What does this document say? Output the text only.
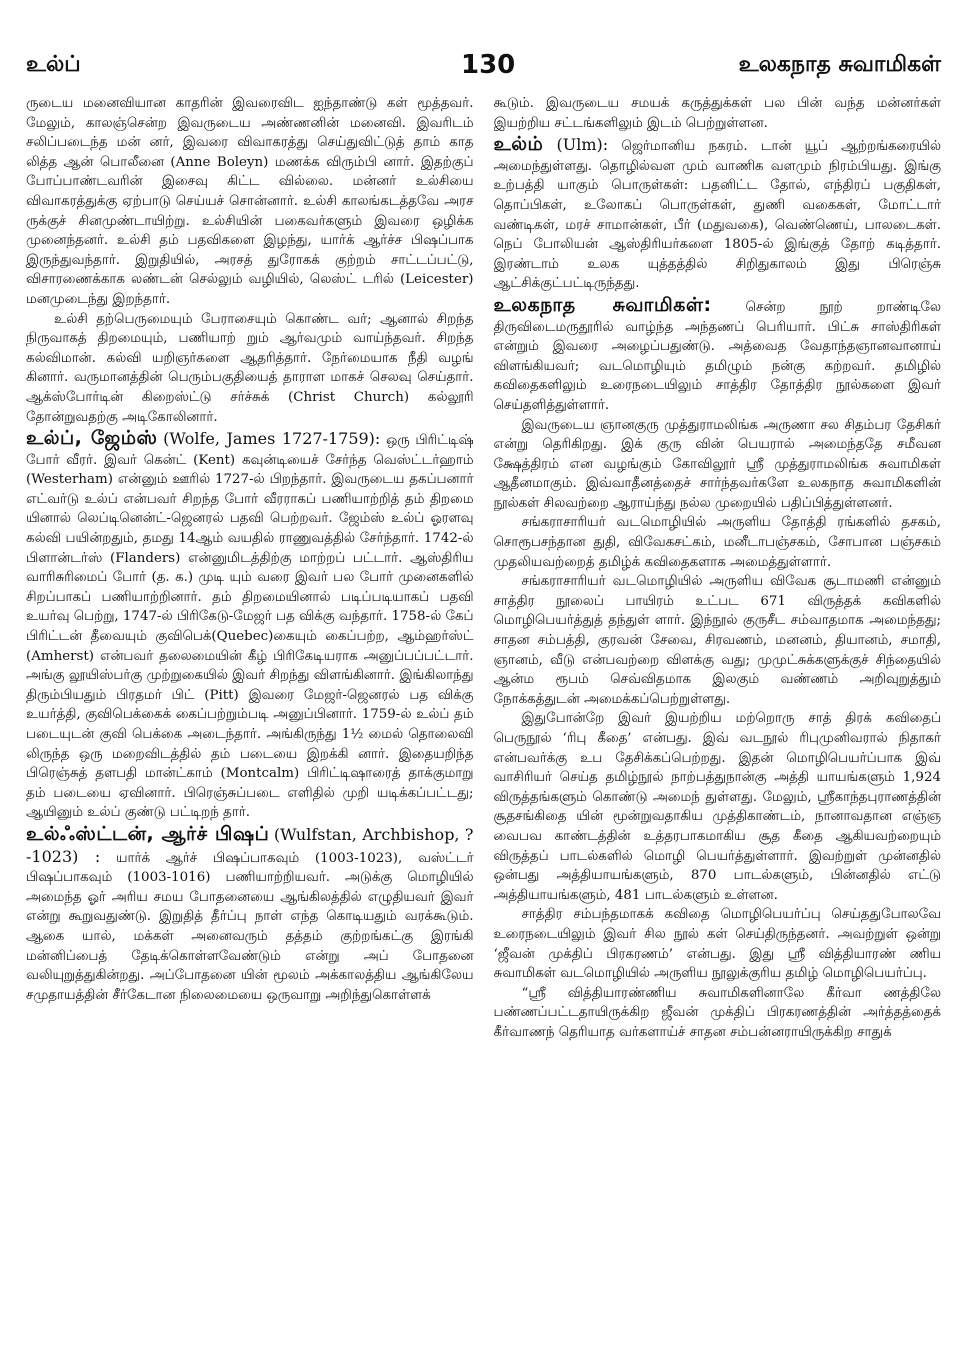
உல்ப்	130	உலகநாத சுவாமிகள்

ருடைய மனைவியான காதரின் இவரைவிட ஐந்தாண்டு கள் மூத்தவர். மேலும், காலஞ்சென்ற இவருடைய அண்ணனின் மனைவி. இவரிடம் சலிப்படைந்த மன் னர், இவரை விவாகரத்து செய்துவிட்டுத் தாம் காத லித்த ஆன் பொலீனை (Anne Boleyn) மணக்க விரும்பி னார். இதற்குப் போப்பாண்டவரின் இசைவு கிட்ட வில்லை. மன்னர் உல்சியை விவாகரத்துக்கு ஏற்பாடு செய்யச் சொன்னார். உல்சி காலங்கடத்தவே அரச ருக்குச் சினமுண்டாயிற்று. உல்சியின் பகைவர்களும் இவரை ஒழிக்க முனைந்தனர். உல்சி தம் பதவிகளை இழந்து, யார்க் ஆர்ச்ச பிஷப்பாக இருந்துவந்தார். இறுதியில், அரசத் துரோகக் குற்றம் சாட்டப்பட்டு, விசாரணைக்காக லண்டன் செல்லும் வழியில், லெஸ்ட் டரில் (Leicester) மனமுடைந்து இறந்தார்.

உல்சி தற்பெருமையும் பேராசையும் கொண்ட வர்; ஆனால் சிறந்த நிருவாகத் திறமையும், பணியாற் றும் ஆர்வமும் வாய்ந்தவர். சிறந்த கல்விமான். கல்வி யறிஞர்களை ஆதரித்தார். நேர்மையாக நீதி வழங் கினார். வருமானத்தின் பெரும்பகுதியைத் தாராள மாகச் செலவு செய்தார். ஆக்ஸ்போர்டின் கிறைஸ்ட்டு சர்ச்சுக் (Christ Church) கல்லூரி தோன்றுவதற்கு அடிகோலினார்.

உல்ப், ஜேம்ஸ் (Wolfe, James 1727-1759): ஒரு பிரிட்டிஷ் போர் வீரர். இவர் கென்ட் (Kent) கவுன்டியைச் சேர்ந்த வெஸ்ட்டர்ஹாம் (Westerham) என்னும் ஊரில் 1727-ல் பிறந்தார். இவருடைய தகப்பனார் எட்வர்டு உல்ப் என்பவர் சிறந்த போர் வீரராகப் பணியாற்றித் தம் திறமை யினால் லெப்டினென்ட்-ஜெனரல் பதவி பெற்றவர். ஜேம்ஸ் உல்ப் ஓரளவு கல்வி பயின்றதும், தமது 14ஆம் வயதில் ராணுவத்தில் சேர்ந்தார். 1742-ல் பிளான்டர்ஸ் (Flanders) என்னுமிடத்திற்கு மாற்றப் பட்டார். ஆஸ்திரிய வாரிசுரிமைப் போர் (த. க.) முடி யும் வரை இவர் பல போர் முனைகளில் சிறப்பாகப் பணியாற்றினார். தம் திறமையினால் படிப்படியாகப் பதவி உயர்வு பெற்று, 1747-ல் பிரிகேடு-மேஜர் பத விக்கு வந்தார். 1758-ல் கேப் பிரிட்டன் தீவையும் குவிபெக்(Quebec)கையும் கைப்பற்ற, ஆம்ஹர்ஸ்ட் (Amherst) என்பவர் தலைமையின் கீழ் பிரிகேடியராக அனுப்பப்பட்டார். அங்கு லூயிஸ்பர்கு முற்றுகையில் இவர் சிறந்து விளங்கினார். இங்கிலாந்து திரும்பியதும் பிரதமர் பிட் (Pitt) இவரை மேஜர்-ஜெனரல் பத விக்கு உயர்த்தி, குவிபெக்கைக் கைப்பற்றும்படி அனுப்பினார். 1759-ல் உல்ப் தம் படையுடன் குவி பெக்கை அடைந்தார். அங்கிருந்து 1½ மைல் தொலைவி லிருந்த ஒரு மறைவிடத்தில் தம் படையை இறக்கி னார். இதையறிந்த பிரெஞ்சுத் தளபதி மான்ட்காம் (Montcalm) பிரிட்டிஷாரைத் தாக்குமாறு தம் படையை ஏவினார். பிரெஞ்சுப்படை எளிதில் முறி யடிக்கப்பட்டது; ஆயினும் உல்ப் குண்டு பட்டிறந் தார்.

உல்ஃஸ்ட்டன், ஆர்ச் பிஷப் (Wulfstan, Archbishop, ?-1023) : யார்க் ஆர்ச் பிஷப்பாகவும் (1003-1023), வஸ்ட்டர் பிஷப்பாகவும் (1003-1016) பணியாற்றியவர். அடுக்கு மொழியில் அமைந்த ஓர் அரிய சமய போதனையை ஆங்கிலத்தில் எழுதியவர் இவர் என்று கூறுவதுண்டு. இறுதித் தீர்ப்பு நாள் எந்த கொடியதும் வரக்கூடும். ஆகை யால், மக்கள் அனைவரும் தத்தம் குற்றங்கட்கு இரங்கி மன்னிப்பைத் தேடிக்கொள்ளவேண்டும் என்று அப் போதனை வலியுறுத்துகின்றது. அப்போதனை யின் மூலம் அக்காலத்திய ஆங்கிலேய சமுதாயத்தின் சீர்கேடான நிலைமையை ஒருவாறு அறிந்துகொள்ளக்

கூடும். இவருடைய சமயக் கருத்துக்கள் பல பின் வந்த மன்னர்கள் இயற்றிய சட்டங்களிலும் இடம் பெற்றுள்ளன.

உல்ம் (Ulm): ஜெர்மானிய நகரம். டான் யூப் ஆற்றங்கரையில் அமைந்துள்ளது. தொழில்வள மும் வாணிக வளமும் நிரம்பியது. இங்கு உற்பத்தி யாகும் பொருள்கள்: பதனிட்ட தோல், எந்திரப் பகுதிகள், தொப்பிகள், உலோகப் பொருள்கள், துணி வகைகள், மோட்டார் வண்டிகள், மரச் சாமான்கள், பீர் (மதுவகை), வெண்ணெய், பாலடைகள். நெப் போலியன் ஆஸ்திரியர்களை 1805-ல் இங்குத் தோற் கடித்தார். இரண்டாம் உலக யுத்தத்தில் சிறிதுகாலம் இது பிரெஞ்சு ஆட்சிக்குட்பட்டிருந்தது.

உலகநாத சுவாமிகள்:	சென்ற நூற் றாண்டிலே திருவிடைமருதூரில் வாழ்ந்த அந்தணப் பெரியார். பிட்சு சாஸ்திரிகள் என்றும் இவரை அழைப்பதுண்டு. அத்வைத வேதாந்தஞானவானாய் விளங்கியவர்; வடமொழியும் தமிழும் நன்கு கற்றவர். தமிழில் கவிதைகளிலும் உரைநடையிலும் சாத்திர தோத்திர நூல்களை இவர் செய்தளித்துள்ளார்.

இவருடைய ஞானகுரு முத்துராமலிங்க அருணா சல சிதம்பர தேசிகர் என்று தெரிகிறது. இக் குரு வின் பெயரால் அமைந்ததே சமீவன க்ஷேத்திரம் என வழங்கும் கோவிலூர் ஸ்ரீ முத்துராமலிங்க சுவாமிகள் ஆதீனமாகும். இவ்வாதீனத்தைச் சார்ந்தவர்களே உலகநாத சுவாமிகளின் நூல்கள் சிலவற்றை ஆராய்ந்து நல்ல முறையில் பதிப்பித்துள்ளனர்.

சங்கராசாரியர் வடமொழியில் அருளிய தோத்தி ரங்களில் தசகம், சொரூபசந்தான துதி, விவேகசட்கம், மனீடாபஞ்சகம், சோபான பஞ்சகம் முதலியவற்றைத் தமிழ்க் கவிதைகளாக அமைத்துள்ளார்.

சங்கராசாரியர் வடமொழியில் அருளிய விவேக சூடாமணி என்னும் சாத்திர நூலைப் பாயிரம் உட்பட 671 விருத்தக் கவிகளில் மொழிபெயர்த்துத் தந்துள் ளார். இந்நூல் குருசீட சம்வாதமாக அமைந்தது; சாதன சம்பத்தி, குரவன் சேவை, சிரவணம், மனனம், தியானம், சமாதி, ஞானம், வீடு என்பவற்றை விளக்கு வது; முமுட்சுக்களுக்குச் சிந்தையில் ஆன்ம ரூபம் செவ்விதமாக இலகும் வண்ணம் அறிவுறுத்தும் நோக்கத்துடன் அமைக்கப்பெற்றுள்ளது.

இதுபோன்றே இவர் இயற்றிய மற்றொரு சாத் திரக் கவிதைப் பெருநூல் ‘ரிபு கீதை’ என்பது. இவ் வடநூல் ரிபுமுனிவரால் நிதாகர் என்பவர்க்கு உப தேசிக்கப்பெற்றது. இதன் மொழிபெயர்ப்பாக இவ் வாசிரியர் செய்த தமிழ்நூல் நாற்பத்துநான்கு அத்தி யாயங்களும் 1,924 விருத்தங்களும் கொண்டு அமைந் துள்ளது. மேலும், ஸ்ரீகாந்தபுராணத்தின் சூதசங்கிதை யின் மூன்றுவதாகிய முத்திகாண்டம், நானாவதான எஞ்ஞ வைபவ காண்டத்தின் உத்தரபாகமாகிய சூத கீதை ஆகியவற்றையும் விருத்தப் பாடல்களில் மொழி பெயர்த்துள்ளார். இவற்றுள் முன்னதில் ஒன்பது அத்தியாயங்களும், 870 பாடல்களும், பின்னதில் எட்டு அத்தியாயங்களும், 481 பாடல்களும் உள்ளன.

சாத்திர சம்பந்தமாகக் கவிதை மொழிபெயர்ப்பு செய்ததுபோலவே உரைநடையிலும் இவர் சில நூல் கள் செய்திருந்தனர். அவற்றுள் ஒன்று ‘ஜீவன் முக்திப் பிரகரணம்’ என்பது. இது ஸ்ரீ வித்தியாரண் ணிய சுவாமிகள் வடமொழியில் அருளிய நூலுக்குரிய தமிழ் மொழிபெயர்ப்பு.

“ஸ்ரீ வித்தியாரண்ணிய சுவாமிகளினாலே கீர்வா ணத்திலே பண்ணப்பட்டதாயிருக்கிற ஜீவன் முக்திப் பிரகரணத்தின் அர்த்தத்தைக் கீர்வாணந் தெரியாத வர்களாய்ச் சாதன சம்பன்னராயிருக்கிற சாதுக்
